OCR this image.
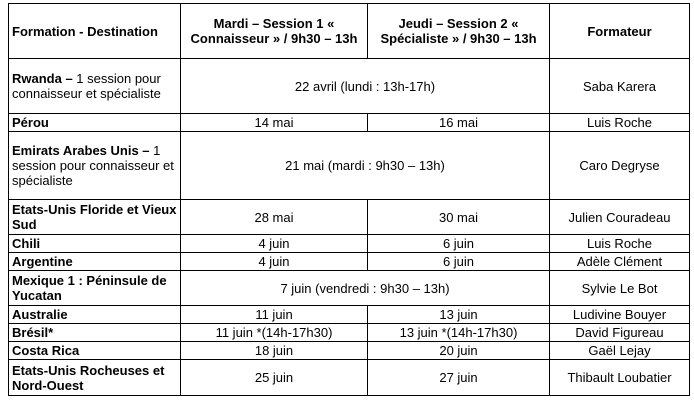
Formation - Destination	Mardi – Session 1 « Connaisseur » / 9h30 – 13h	Jeudi – Session 2 « Spécialiste » / 9h30 – 13h	Formateur
Rwanda – 1 session pour connaisseur et spécialiste	22 avril (lundi : 13h-17h)		Saba Karera
Pérou	14 mai	16 mai	Luis Roche
Emirats Arabes Unis – 1 session pour connaisseur et spécialiste	21 mai (mardi : 9h30 – 13h)		Caro Degryse
Etats-Unis Floride et Vieux Sud	28 mai	30 mai	Julien Couradeau
Chili	4 juin	6 juin	Luis Roche
Argentine	4 juin	6 juin	Adèle Clément
Mexique 1 : Péninsule de Yucatan	7 juin (vendredi : 9h30 – 13h)		Sylvie Le Bot
Australie	11 juin	13 juin	Ludivine Bouyer
Brésil*	11 juin *(14h-17h30)	13 juin *(14h-17h30)	David Figureau
Costa Rica	18 juin	20 juin	Gaël Lejay
Etats-Unis Rocheuses et Nord-Ouest	25 juin	27 juin	Thibault Loubatier
